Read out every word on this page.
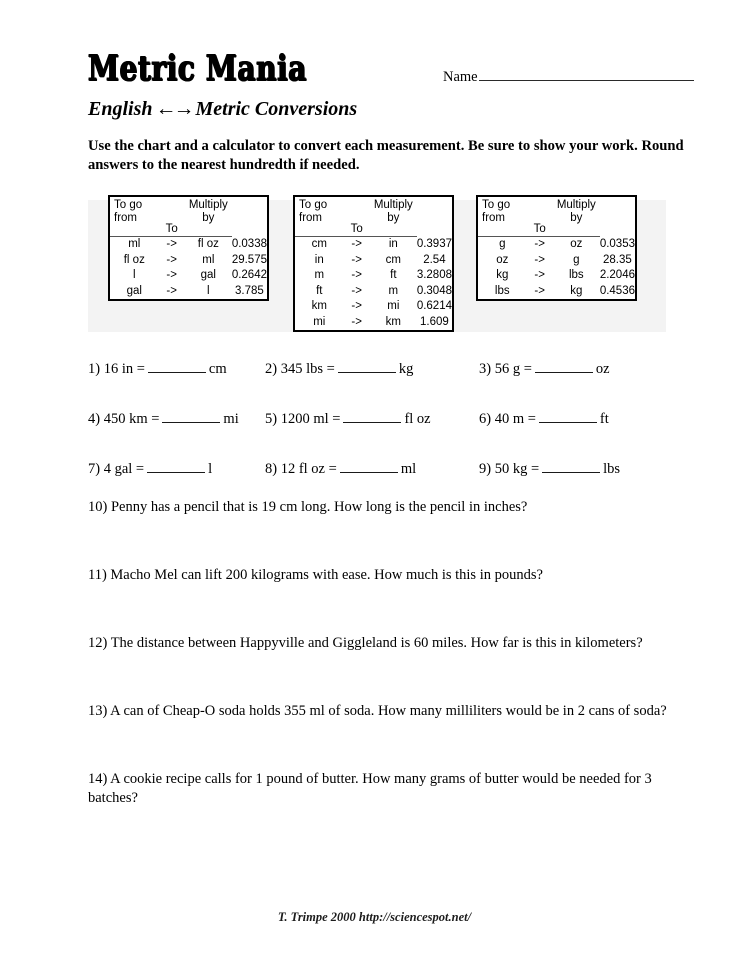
Metric Mania
English ←→ Metric Conversions
Name
Use the chart and a calculator to convert each measurement. Be sure to show your work. Round answers to the nearest hundredth if needed.
To go
from	To	Multiply
by	
ml	->	fl oz	0.0338
fl oz	->	ml	29.575
l	->	gal	0.2642
gal	->	l	3.785
To go
from	To	Multiply
by	
cm	->	in	0.3937
in	->	cm	2.54
m	->	ft	3.2808
ft	->	m	0.3048
km	->	mi	0.6214
mi	->	km	1.609
To go
from	To	Multiply
by	
g	->	oz	0.0353
oz	->	g	28.35
kg	->	lbs	2.2046
lbs	->	kg	0.4536
1) 16 in =	cm	2) 345 lbs =	kg	3) 56 g =	oz
4) 450 km =	mi 5) 1200 ml =	fl oz	6) 40 m =	ft
7) 4 gal =	l	8) 12 fl oz =	ml	9) 50 kg =	lbs

10) Penny has a pencil that is 19 cm long. How long is the pencil in inches?

11) Macho Mel can lift 200 kilograms with ease. How much is this in pounds?

12) The distance between Happyville and Giggleland is 60 miles. How far is this in kilometers?

13) A can of Cheap-O soda holds 355 ml of soda. How many milliliters would be in 2 cans of soda?

14) A cookie recipe calls for 1 pound of butter. How many grams of butter would be needed for 3 batches?

T. Trimpe 2000 http://sciencespot.net/
